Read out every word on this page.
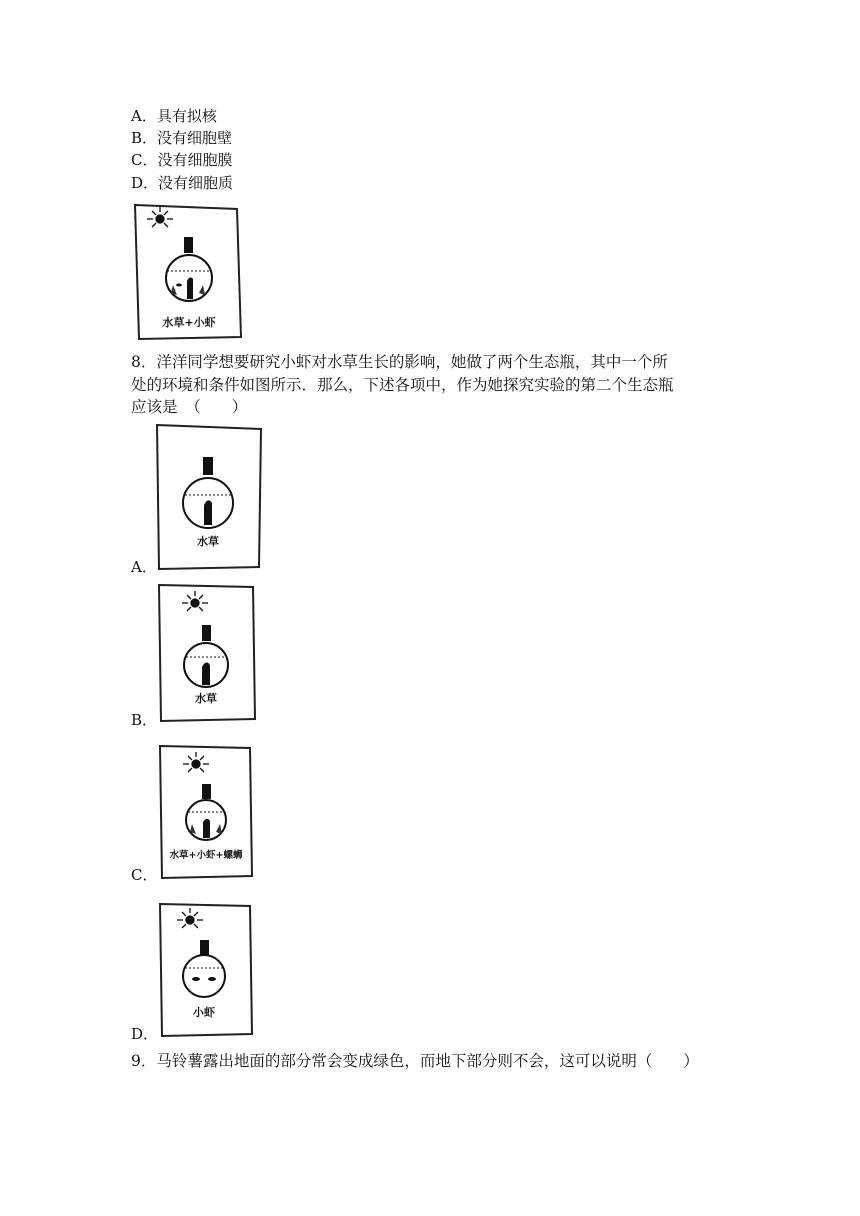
A．具有拟核
B．没有细胞壁
C．没有细胞膜
D．没有细胞质
水草+小虾
8．洋洋同学想要研究小虾对水草生长的影响，她做了两个生态瓶，其中一个所
处的环境和条件如图所示．那么，下述各项中，作为她探究实验的第二个生态瓶
应该是　（　　）
水草
A．
水草
B．
水草+小虾+螺蛳
C．
小虾
D．
9．马铃薯露出地面的部分常会变成绿色，而地下部分则不会，这可以说明（　　）
